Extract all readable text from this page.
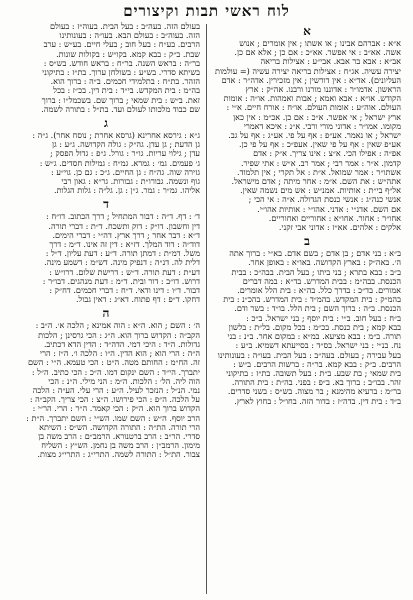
לוח ראשי תבות וקיצורים
א
א״א : אברהם אבינו ; או אשתו ; אין אומרים ; אנוש
אשה. אא״ב : אי אפשר. אא״כ : אם כן ; אלא אם כן.
אב״א : אבא בר אבא. אבי״ע : אצילות בריאה
יצירה עשיה. אג״ח : אצילות בריאה יצירה עשיה (= עולמות
העליונים). אד״א : אין דורשין ; אין מזכירין. אדה״ר : אדם
הראשון. אדמו״ר : אדוננו מורנו ורבנו. אה״ק : ארץ
הקודש. או״א : אבא ואמא ; אבות ואמהות. או״ה : אומות
העולם. אוה״ע : אומות העולם. או״ח : אורח חיים. א״י :
ארץ ישראל ; אי אפשר. א״כ : אם כן. אכ״מ : אין כאן
מקומו. אמו״ר : אדוני מורי ורבי. א״נ : איכא דאמרי
ישראל ; או נאמר. אע״פ : אף על פי. אע״ג : אף על גב.
אע״פ שאין : אף על פי שאין. אעפ״כ : אף על פי כן.
אפ״ה : אפילו הכי. א״צ : אינו צריך. א״ק : אדם
קדמון. א״ר : אמר רבי ; אמר רב. א״ש : אתי שפיר.
אשתו״ר : אמר שמואל. א״ת : אל תקרי ; אין תלמוד.
אתה״ש : את השם. א״מ : אחר מיתה ; אדם מישראל.
אל״ף בי״ת : אותיות. אמנ״ש : אש מים נשמה שאין.
אנשי כנה״ג : אנשי כנסת הגדולה. א״ה : אי הכי ;
אם השם. אדנ״י : אדני. אהו״י : אותיות אהו״י.
אחו״ר : אחור. אחו״א : אחוריים ואחוריים.
אלקים : אלהים. אא״ז : אדוני אבי זקני.
ב
ב״א : בני אדם ; בן אדם ; בשם אדם. בא״י : ברוך אתה
ה׳. באה״ק : בארץ הקדושה. באו״א : באופן אחר.
ב״ב : בבא בתרא ; בני ביתו ; בעל הבית. בבה״כ : בבית
הכנסת. בבה״מ : בבית המדרש. בד״א : במה דברים
אמורים. בד״כ : בדרך כלל. בה״א : בית הלל אומרים.
בהמ״ק : בית המקדש. בהמ״ד : בית המדרש. בהכ״נ : בית
הכנסת. ב״ה : ברוך השם ; בית הלל. בו״ד : בשר ודם.
ב״ח : בעל חוב. ב״י : בית יוסף ; בני ישראל. ב״כ :
בבא קמא ; בית כנסת. בכ״מ : בכל מקום. בל״ת : בלשון
תורה. ב״מ : בבא מציעא. במ״א : במקום אחר. ב״נ : בני
נח. בנ״י : בני ישראל. בס״ד : בסייעתא דשמיא. ב״ע :
בעל עבירה ; בעולם. בעה״ב : בעל הבית. בעו״ה : בעונותינו
הרבים. ב״ק : בבא קמא. בר״ה : ברשות הרבים. ב״ש :
בית שמאי ; בת שבע. ב״ת : בעל תשובה. בת״ז : בתיקוני
זהר. בבו״ב : ברוך בא. ב״פ : בפני. בה״ת : בית התורה.
בר״מ : ברעיא מהימנא ; בר מצוה. בש״ס : בשני סדרים.
ב״ד : בית דין. בדה״ז : בדור הזה. בחו״ל : בחוץ לארץ.
בעולם הזה. בעה״ב : בעל הבית. בעוה״ז : בעולם
הזה. בעוה״ב : בעולם הבא. בעו״ה : בעונותינו
הרבים. בע״ח : בעל חוב ; בעלי חיים. בע״ש : ערב
שבת. ב״ק : בבא קמא. בקו״ש : בקולות שונות.
בר״ה : בראש השנה. בר״ח : בראש חודש. בש״ס :
בשיתא סדרי. בש״ע : בשולחן ערוך. בת״ז : בתיקוני
הזהר. בת״ח : בתלמידי חכמים. ב״ה : ברוך הוא.
בה״מ : בית המקדש. בי״ד : בית דין. בכ״ז : בכל
זאת. ב״ש : בית שמאי ; ברוך שם. בשכמל״ו : ברוך
שם כבוד מלכותו לעולם ועד. בת״ל : בתורה לשמה.
ג
ג״א : גירסא אחרינא (גרסא אחרת ; נוסח אחר). ג״ה :
גן הדעת ; גן עדן. גה״ק : גולה הקדושה. ג״ע : גן
עדן ; גילוי עריות. גו״ר : גורל. ג״פ : גדול הפסק ;
ג׳ פעמים. גמ׳ : גמרא. גמ״ח : גמילות חסדים. ג״ש :
גזירה שוה. גה״ח : גן החיים. ג״כ : גם כן. גוי״ע :
גוף ונשמה. גבורו״ת : גבורות. גר״א : גאון רבי
אליהו. גמ״ר : גמר. ג״ן : גן. גל״ה : גלות הגלות.
ד
ד׳ : דף. ד״ה : דבור המתחיל ; דרך הכתוב. דו״ח :
דין וחשבון. דו״ק : דוק ותשכח. ד״ת : דברי תורה.
ד״א : דבר אחר ; דרך ארץ. דה״י : דברי הימים.
דוד״ה : דוד המלך. דז״א : דין זה אינו. ד״מ : דרך
משל. דמ״ת : דמתן תורה. ד״ע : דעת עליון. ד״ל :
דלית לה. דנ״ה : דנפיק מינה. דש״מ : דשמע מינה.
דע״ת : דעת תורה. ד״ש : דרישת שלום. דרו״ש :
דרוש. דו״ב : דור ובית. ד״מ : דעת מנהגים. דבו״ר :
דבור. ד״ו : דינו ודאי. ד״ח : דברי חכמים. דח״ק :
דחקו. ד״פ : דף פתוח. דא״ג : דאין גבול.
ה
ה׳ : השם ; הוא. ה״א : הוה אמינא ; הלכה א׳. ה״ב :
הקב״ה : הקדוש ברוך הוא. ה״ג : הכי גרסינן ; הלכות
גדולות. ה״ד : היכי דמי. הדה״ד : הדין הדא דכתיב.
ה״ה : הרי הוא ; הוא הדין. ה״ו : הלכה ו׳. ה״ז : הרי
זה. הח״מ : החותם מטה. ה״ט : הכי טעמא. ה״י : השם
יתברך. הי״ד : השם ינקום דמו. ה״כ : הכי כתיב. ה״ל :
הוה ליה. הל׳ : הלכות. ה״מ : הני מילי. ה״נ : הכי
נמי. הנ״ל : הנזכר לעיל. ה״ע : הרי עלי. הע״ה : הלכה
על הלכה. ה״פ : הכי פירושו. ה״צ : הכי צריך. הקב״ה :
הקדוש ברוך הוא. ה״ק : הכי קאמר. ה״ר : הרי. הר״י :
הרב יוסף. ה״ש : השם שמו. הש״י : השם יתברך. ה״ת :
הרי תורה. הת״ה : התורה הקדושה. הש״ס : השיתא
סדרי. הר״ב : הרב ברטנורא. הרמב״ם : הרב משה בן
מימון. הרמב״ן : הרב משה בן נחמן. הש״ץ : השליח
צבור. הת״ל : התורה לשמה. התרי״ג : התרי״ג מצות.
